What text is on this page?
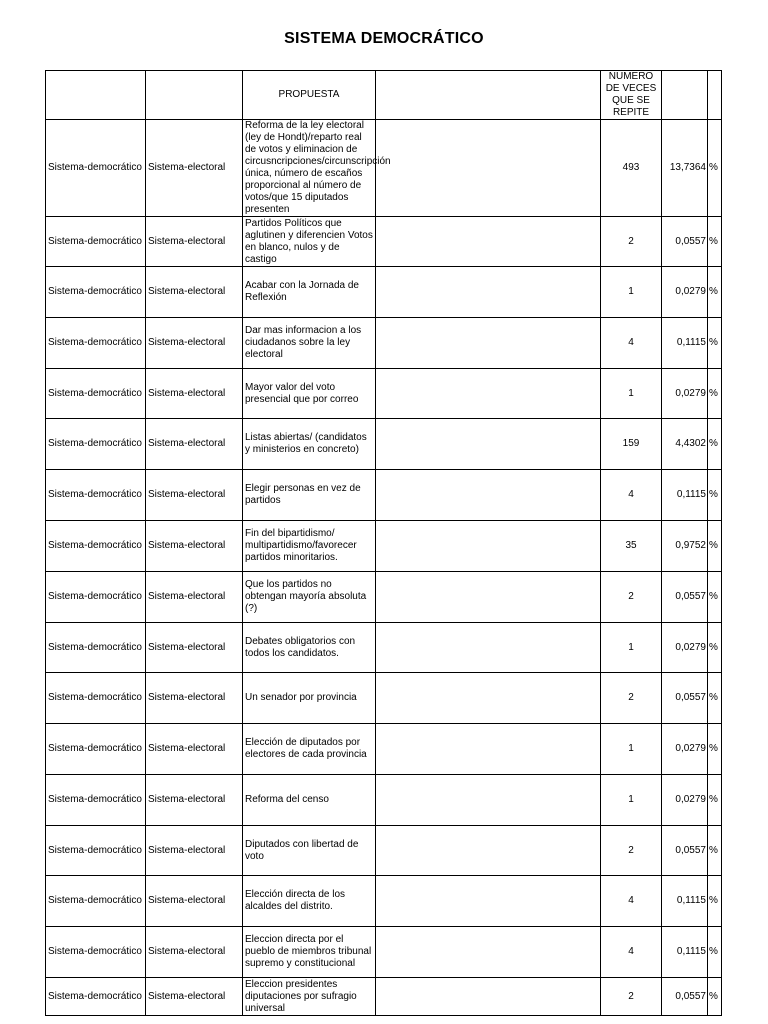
SISTEMA DEMOCRÁTICO
		PROPUESTA		NUMERO DE VECES QUE SE REPITE		
Sistema-democrático	Sistema-electoral	Reforma de la ley electoral (ley de Hondt)/reparto real de votos y eliminacion de circusncripciones/circunscripción única, número de escaños proporcional al número de votos/que 15 diputados presenten		493	13,7364	%
Sistema-democrático	Sistema-electoral	Partidos Políticos que aglutinen y diferencien Votos en blanco, nulos y de castigo		2	0,0557	%
Sistema-democrático	Sistema-electoral	Acabar con la Jornada de Reflexión		1	0,0279	%
Sistema-democrático	Sistema-electoral	Dar mas informacion a los ciudadanos sobre la ley electoral		4	0,1115	%
Sistema-democrático	Sistema-electoral	Mayor valor del voto presencial que por correo		1	0,0279	%
Sistema-democrático	Sistema-electoral	Listas abiertas/ (candidatos y ministerios en concreto)		159	4,4302	%
Sistema-democrático	Sistema-electoral	Elegir personas en vez de partidos		4	0,1115	%
Sistema-democrático	Sistema-electoral	Fin del bipartidismo/ multipartidismo/favorecer partidos minoritarios.		35	0,9752	%
Sistema-democrático	Sistema-electoral	Que los partidos no obtengan mayoría absoluta (?)		2	0,0557	%
Sistema-democrático	Sistema-electoral	Debates obligatorios con todos los candidatos.		1	0,0279	%
Sistema-democrático	Sistema-electoral	Un senador por provincia		2	0,0557	%
Sistema-democrático	Sistema-electoral	Elección de diputados por electores de cada provincia		1	0,0279	%
Sistema-democrático	Sistema-electoral	Reforma del censo		1	0,0279	%
Sistema-democrático	Sistema-electoral	Diputados con libertad de voto		2	0,0557	%
Sistema-democrático	Sistema-electoral	Elección directa de los alcaldes del distrito.		4	0,1115	%
Sistema-democrático	Sistema-electoral	Eleccion directa por el pueblo de miembros tribunal supremo y constitucional		4	0,1115	%
Sistema-democrático	Sistema-electoral	Eleccion presidentes diputaciones por sufragio universal		2	0,0557	%
